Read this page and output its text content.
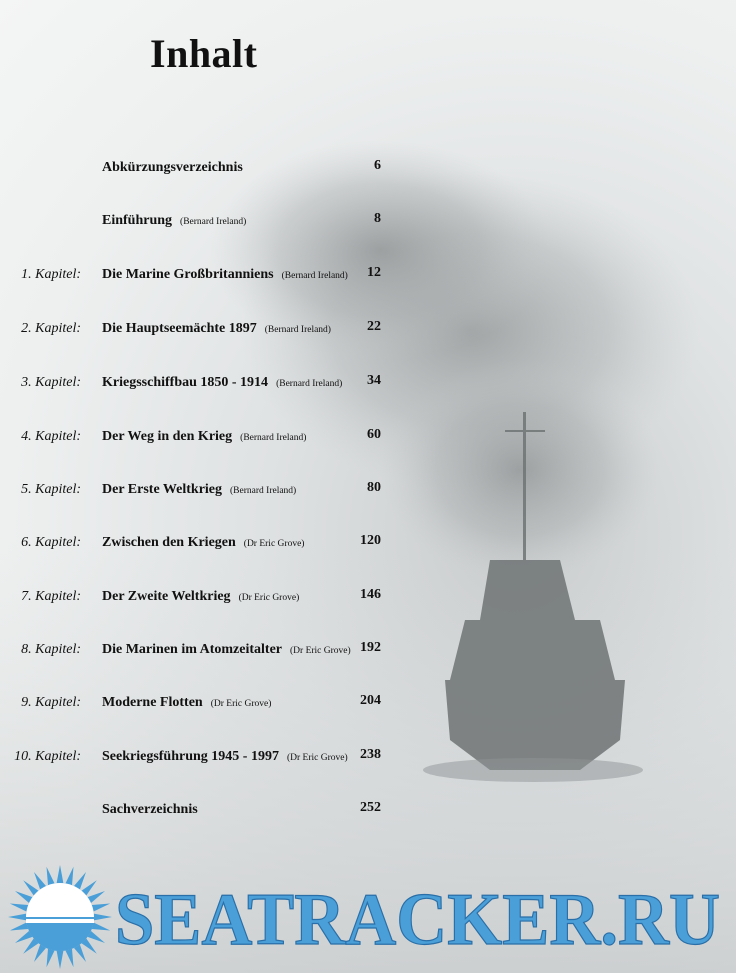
Inhalt
Abkürzungsverzeichnis	6
Einführung (Bernard Ireland)	8
1. Kapitel: Die Marine Großbritanniens (Bernard Ireland) 12
2. Kapitel: Die Hauptseemächte 1897 (Bernard Ireland)	22
3. Kapitel: Kriegsschiffbau 1850 - 1914 (Bernard Ireland) 34
4. Kapitel: Der Weg in den Krieg (Bernard Ireland)	60
5. Kapitel: Der Erste Weltkrieg (Bernard Ireland)	80
6. Kapitel: Zwischen den Kriegen (Dr Eric Grove)	120
7. Kapitel: Der Zweite Weltkrieg (Dr Eric Grove)	146
8. Kapitel: Die Marinen im Atomzeitalter (Dr Eric Grove) 192
9. Kapitel: Moderne Flotten (Dr Eric Grove)	204
10. Kapitel: Seekriegsführung 1945 - 1997 (Dr Eric Grove) 238
Sachverzeichnis	252
SEATRACKER.RU
